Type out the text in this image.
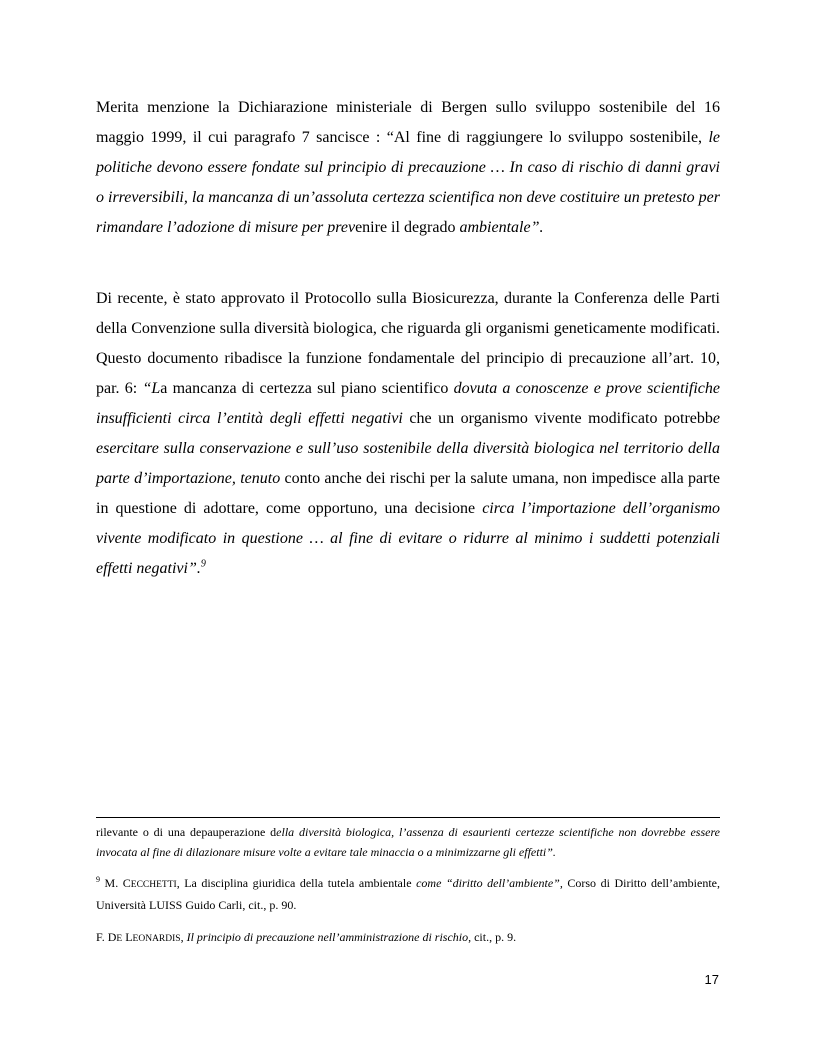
Merita menzione la Dichiarazione ministeriale di Bergen sullo sviluppo sostenibile del 16 maggio 1999, il cui paragrafo 7 sancisce : “Al fine di raggiungere lo sviluppo sostenibile, le politiche devono essere fondate sul principio di precauzione … In caso di rischio di danni gravi o irreversibili, la mancanza di un’assoluta certezza scientifica non deve costituire un pretesto per rimandare l’adozione di misure per prevenire il degrado ambientale”.

Di recente, è stato approvato il Protocollo sulla Biosicurezza, durante la Conferenza delle Parti della Convenzione sulla diversità biologica, che riguarda gli organismi geneticamente modificati. Questo documento ribadisce la funzione fondamentale del principio di precauzione all’art. 10, par. 6: “La mancanza di certezza sul piano scientifico dovuta a conoscenze e prove scientifiche insufficienti circa l’entità degli effetti negativi che un organismo vivente modificato potrebbe esercitare sulla conservazione e sull’uso sostenibile della diversità biologica nel territorio della parte d’importazione, tenuto conto anche dei rischi per la salute umana, non impedisce alla parte in questione di adottare, come opportuno, una decisione circa l’importazione dell’organismo vivente modificato in questione … al fine di evitare o ridurre al minimo i suddetti potenziali effetti negativi”.$^9$

rilevante o di una depauperazione della diversità biologica, l’assenza di esaurienti certezze scientifiche non dovrebbe essere invocata al fine di dilazionare misure volte a evitare tale minaccia o a minimizzarne gli effetti”.

$^9$ M. CECCHETTI, La disciplina giuridica della tutela ambientale come “diritto dell’ambiente”, Corso di Diritto dell’ambiente, Università LUISS Guido Carli, cit., p. 90.

F. DE LEONARDIS, Il principio di precauzione nell’amministrazione di rischio, cit., p. 9.

17
